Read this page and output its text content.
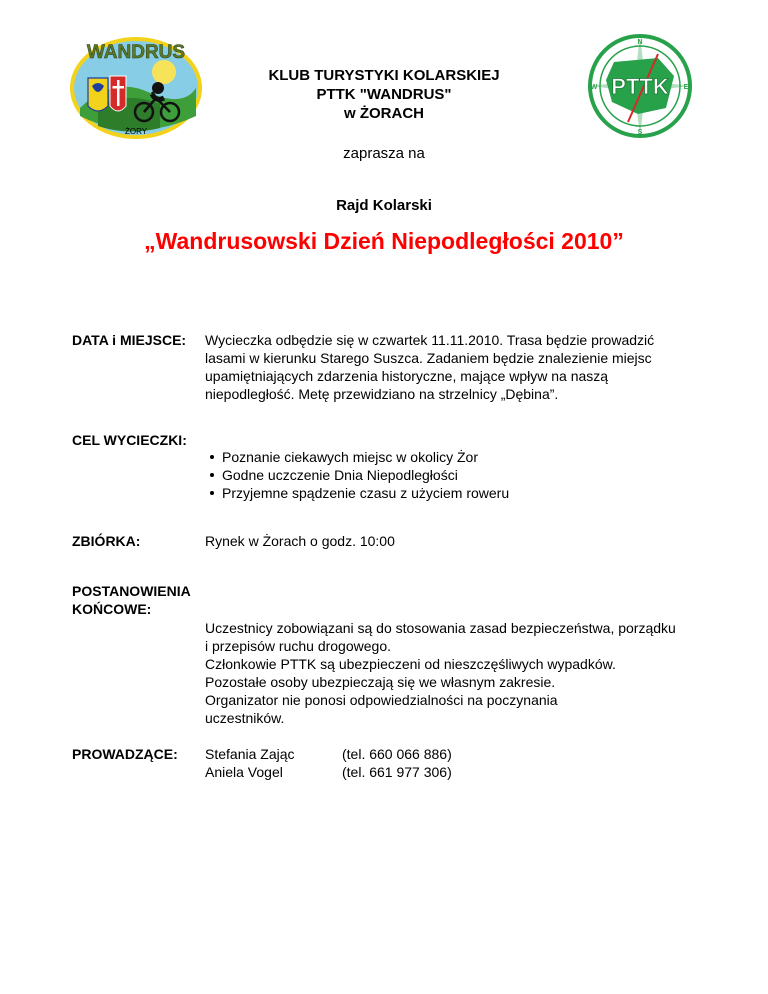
WANDRUS
ŻORY
PTTK
N
E
S
W
KLUB TURYSTYKI KOLARSKIEJ
PTTK "WANDRUS"
w ŻORACH
zaprasza na
Rajd Kolarski
„Wandrusowski Dzień Niepodległości 2010”
DATA i MIEJSCE: Wycieczka odbędzie się w czwartek 11.11.2010. Trasa będzie prowadzić
lasami w kierunku Starego Suszca. Zadaniem będzie znalezienie miejsc
upamiętniających zdarzenia historyczne, mające wpływ na naszą
niepodległość. Metę przewidziano na strzelnicy „Dębina”.
CEL WYCIECZKI:
Poznanie ciekawych miejsc w okolicy Żor
Godne uczczenie Dnia Niepodległości
Przyjemne spądzenie czasu z użyciem roweru
ZBIÓRKA:	Rynek w Żorach o godz. 10:00
POSTANOWIENIA
KOŃCOWE:
Uczestnicy zobowiązani są do stosowania zasad bezpieczeństwa, porządku
i przepisów ruchu drogowego.
Członkowie PTTK są ubezpieczeni od nieszczęśliwych wypadków.
Pozostałe osoby ubezpieczają się we własnym zakresie.
Organizator nie ponosi odpowiedzialności na poczynania
uczestników.
PROWADZĄCE: Stefania Zając	(tel. 660 066 886)
Aniela Vogel	(tel. 661 977 306)
